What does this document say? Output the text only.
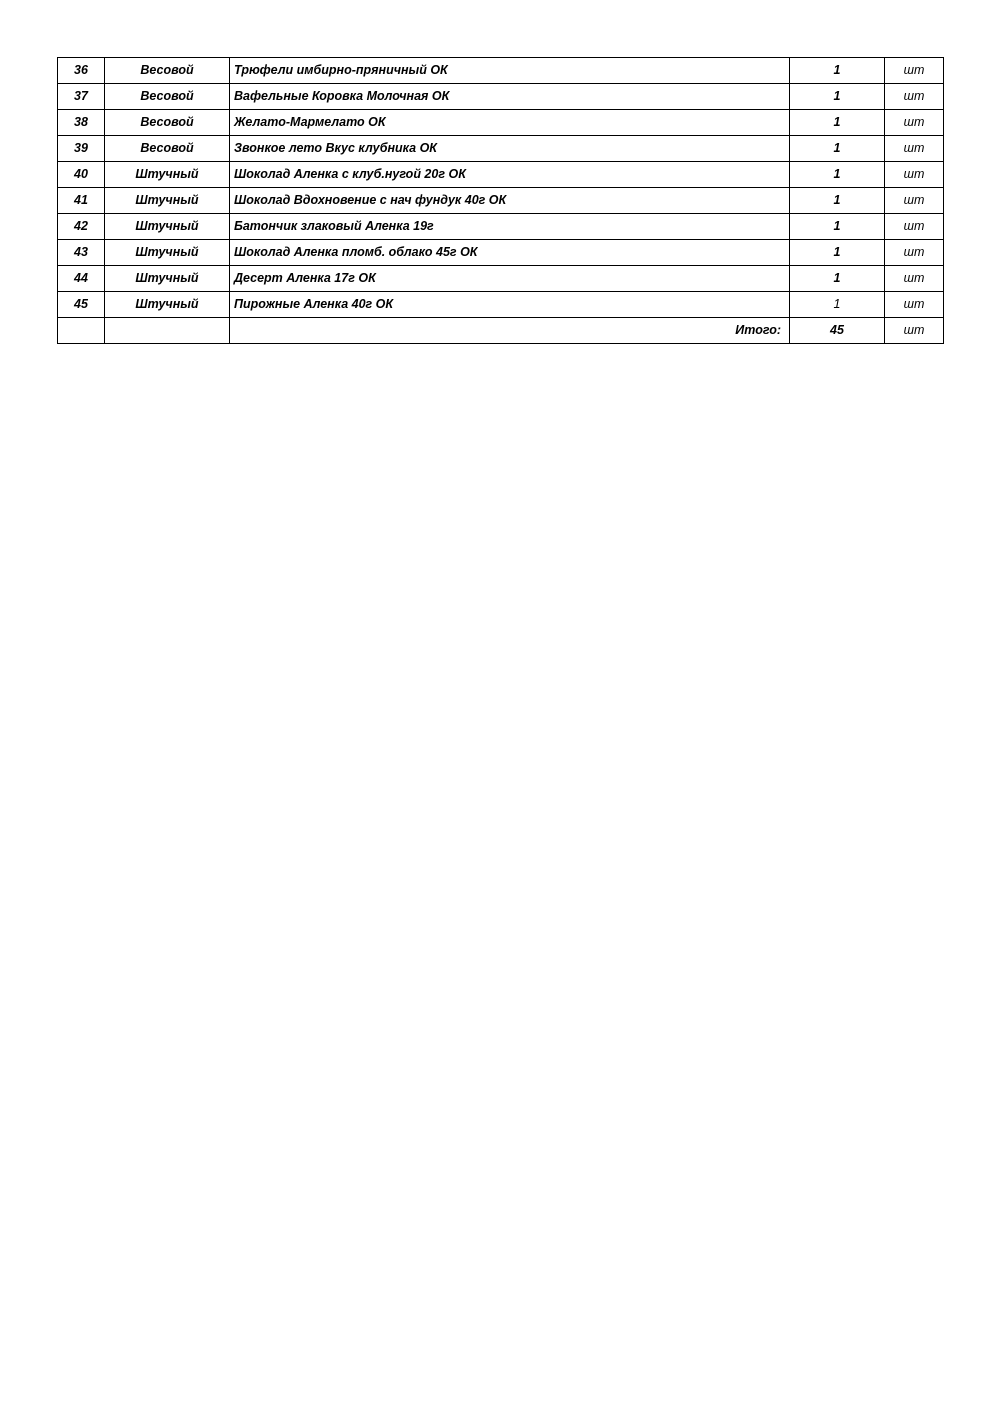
36	Весовой	Трюфели имбирно-пряничный ОК	1	шт
37	Весовой	Вафельные Коровка Молочная ОК	1	шт
38	Весовой	Желато-Мармелато ОК	1	шт
39	Весовой	Звонкое лето Вкус клубника ОК	1	шт
40	Штучный	Шоколад Аленка с клуб.нугой 20г ОК	1	шт
41	Штучный	Шоколад Вдохновение с нач фундук 40г ОК	1	шт
42	Штучный	Батончик злаковый Аленка 19г	1	шт
43	Штучный	Шоколад Аленка пломб. облако 45г ОК	1	шт
44	Штучный	Десерт Аленка 17г ОК	1	шт
45	Штучный	Пирожные Аленка 40г ОК	1	шт
		Итого:	45	шт
